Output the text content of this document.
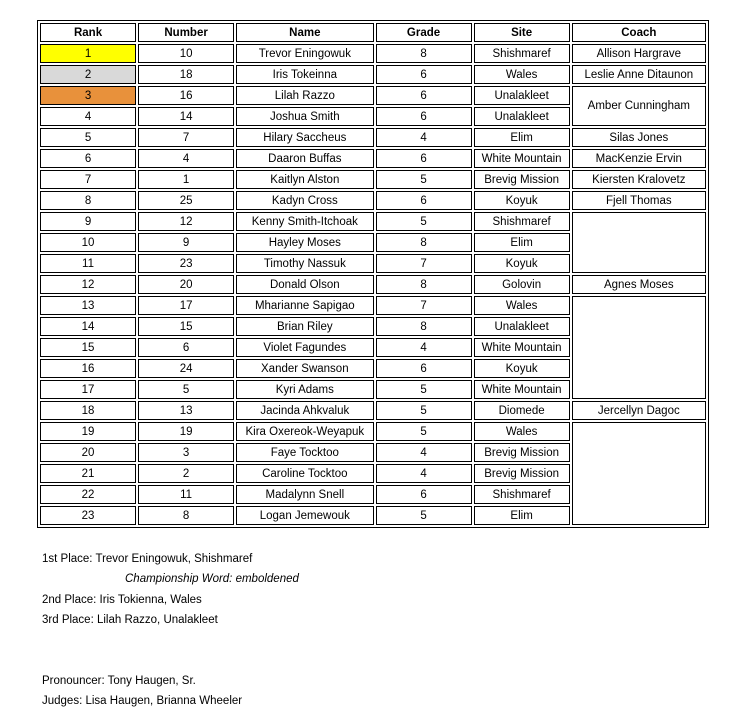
Rank	Number	Name	Grade	Site	Coach
1	10	Trevor Eningowuk	8	Shishmaref	Allison Hargrave
2	18	Iris Tokeinna	6	Wales	Leslie Anne Ditaunon
3	16	Lilah Razzo	6	Unalakleet	Amber Cunningham
4	14	Joshua Smith	6	Unalakleet	
5	7	Hilary Saccheus	4	Elim	Silas Jones
6	4	Daaron Buffas	6	White Mountain	MacKenzie Ervin
7	1	Kaitlyn Alston	5	Brevig Mission	Kiersten Kralovetz
8	25	Kadyn Cross	6	Koyuk	Fjell Thomas
9	12	Kenny Smith-Itchoak	5	Shishmaref	
10	9	Hayley Moses	8	Elim	
11	23	Timothy Nassuk	7	Koyuk	
12	20	Donald Olson	8	Golovin	Agnes Moses
13	17	Mharianne Sapigao	7	Wales	
14	15	Brian Riley	8	Unalakleet	
15	6	Violet Fagundes	4	White Mountain	
16	24	Xander Swanson	6	Koyuk	
17	5	Kyri Adams	5	White Mountain	
18	13	Jacinda Ahkvaluk	5	Diomede	Jercellyn Dagoc
19	19	Kira Oxereok-Weyapuk	5	Wales	
20	3	Faye Tocktoo	4	Brevig Mission	
21	2	Caroline Tocktoo	4	Brevig Mission	
22	11	Madalynn Snell	6	Shishmaref	
23	8	Logan Jemewouk	5	Elim	
1st Place: Trevor Eningowuk, Shishmaref
Championship Word: emboldened
2nd Place: Iris Tokienna, Wales
3rd Place: Lilah Razzo, Unalakleet
Pronouncer: Tony Haugen, Sr.
Judges: Lisa Haugen, Brianna Wheeler
